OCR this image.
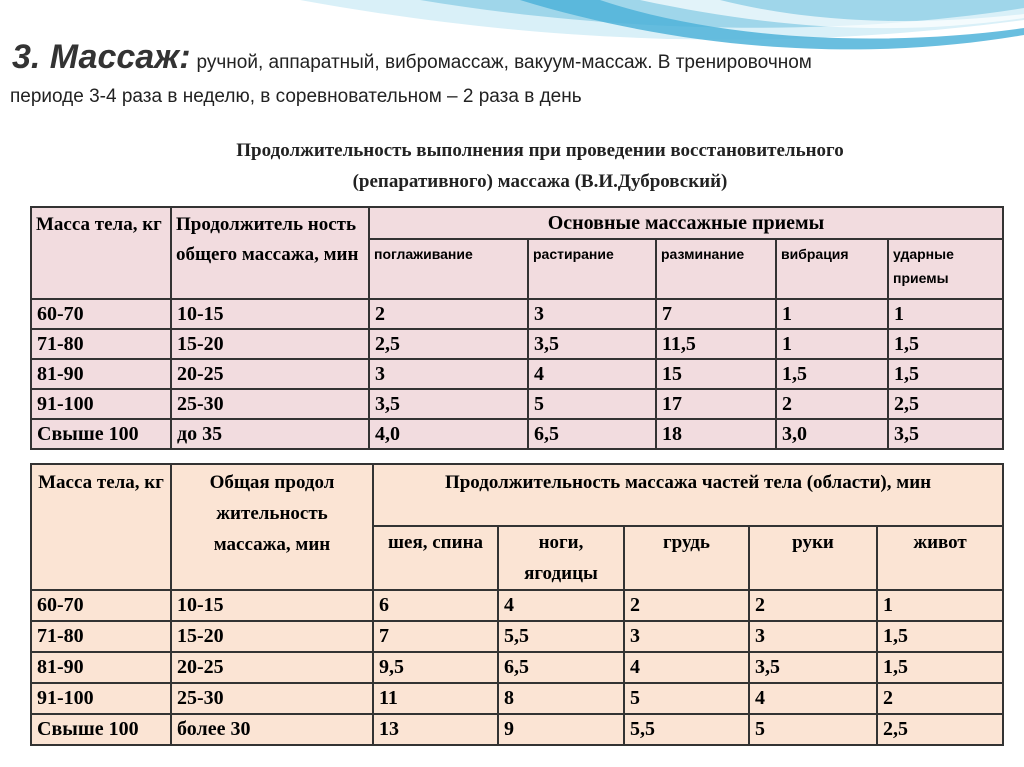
3. Массаж: ручной, аппаратный, вибромассаж, вакуум-массаж. В тренировочном
периоде 3-4 раза в неделю, в соревновательном – 2 раза в день
Продолжительность выполнения при проведении восстановительного
(репаративного) массажа (В.И.Дубровский)
Масса тела, кг	Продолжитель ность общего массажа, мин	Основные массажные приемы				
		поглаживание	растирание	разминание	вибрация	ударные приемы
60-70	10-15	2	3	7	1	1
71-80	15-20	2,5	3,5	11,5	1	1,5
81-90	20-25	3	4	15	1,5	1,5
91-100	25-30	3,5	5	17	2	2,5
Свыше 100	до 35	4,0	6,5	18	3,0	3,5
Масса тела, кг	Общая продол жительность массажа, мин	Продолжительность массажа частей тела (области), мин				
		шея, спина	ноги, ягодицы	грудь	руки	живот
60-70	10-15	6	4	2	2	1
71-80	15-20	7	5,5	3	3	1,5
81-90	20-25	9,5	6,5	4	3,5	1,5
91-100	25-30	11	8	5	4	2
Свыше 100	более 30	13	9	5,5	5	2,5
